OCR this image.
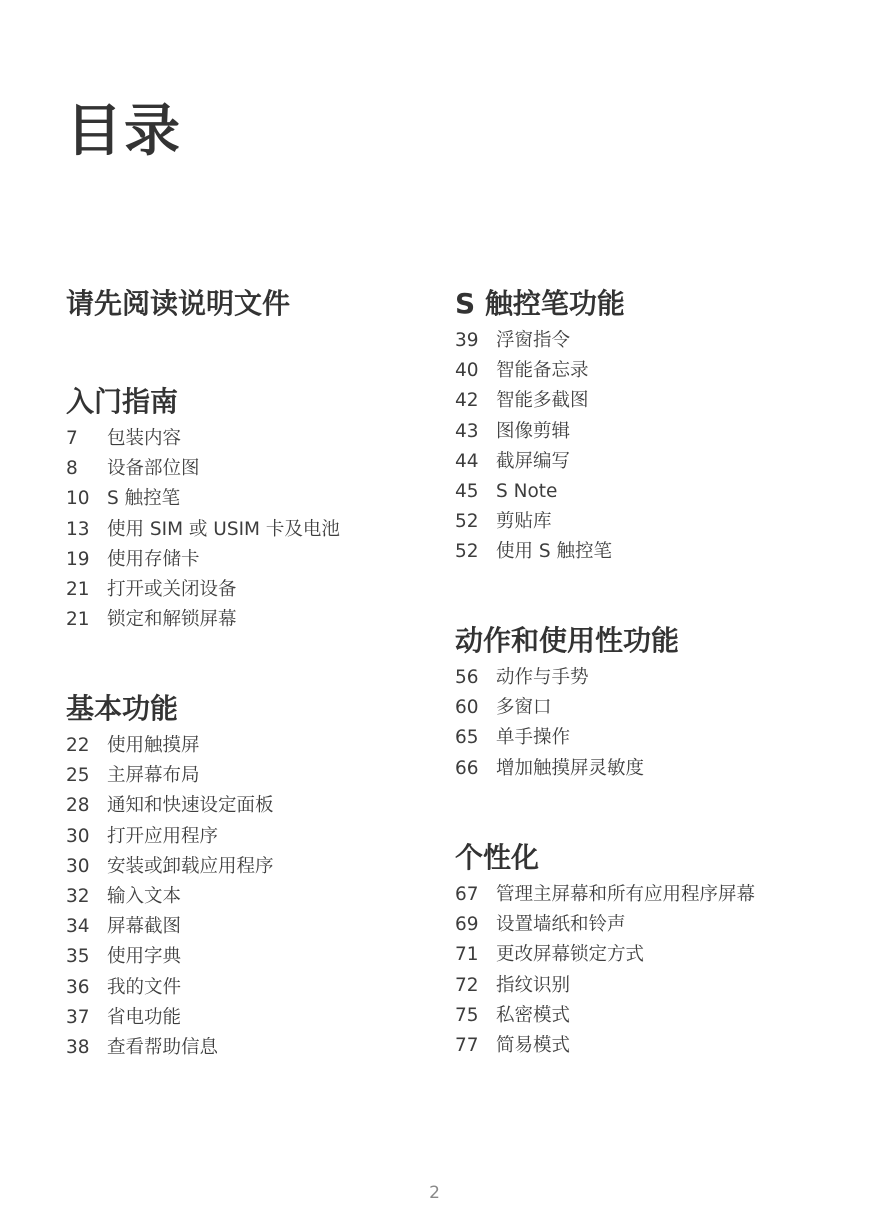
目录
请先阅读说明文件
入门指南
7	包装内容
8	设备部位图
10 S 触控笔
13 使用 SIM 或 USIM 卡及电池
19 使用存储卡
21 打开或关闭设备
21 锁定和解锁屏幕
基本功能
22 使用触摸屏
25 主屏幕布局
28 通知和快速设定面板
30 打开应用程序
30 安装或卸载应用程序
32 输入文本
34 屏幕截图
35 使用字典
36 我的文件
37 省电功能
38 查看帮助信息
S 触控笔功能
39 浮窗指令
40 智能备忘录
42 智能多截图
43 图像剪辑
44 截屏编写
45 S Note
52 剪贴库
52 使用 S 触控笔
动作和使用性功能
56 动作与手势
60 多窗口
65 单手操作
66 增加触摸屏灵敏度
个性化
67 管理主屏幕和所有应用程序屏幕
69 设置墙纸和铃声
71 更改屏幕锁定方式
72 指纹识别
75 私密模式
77 简易模式
2
